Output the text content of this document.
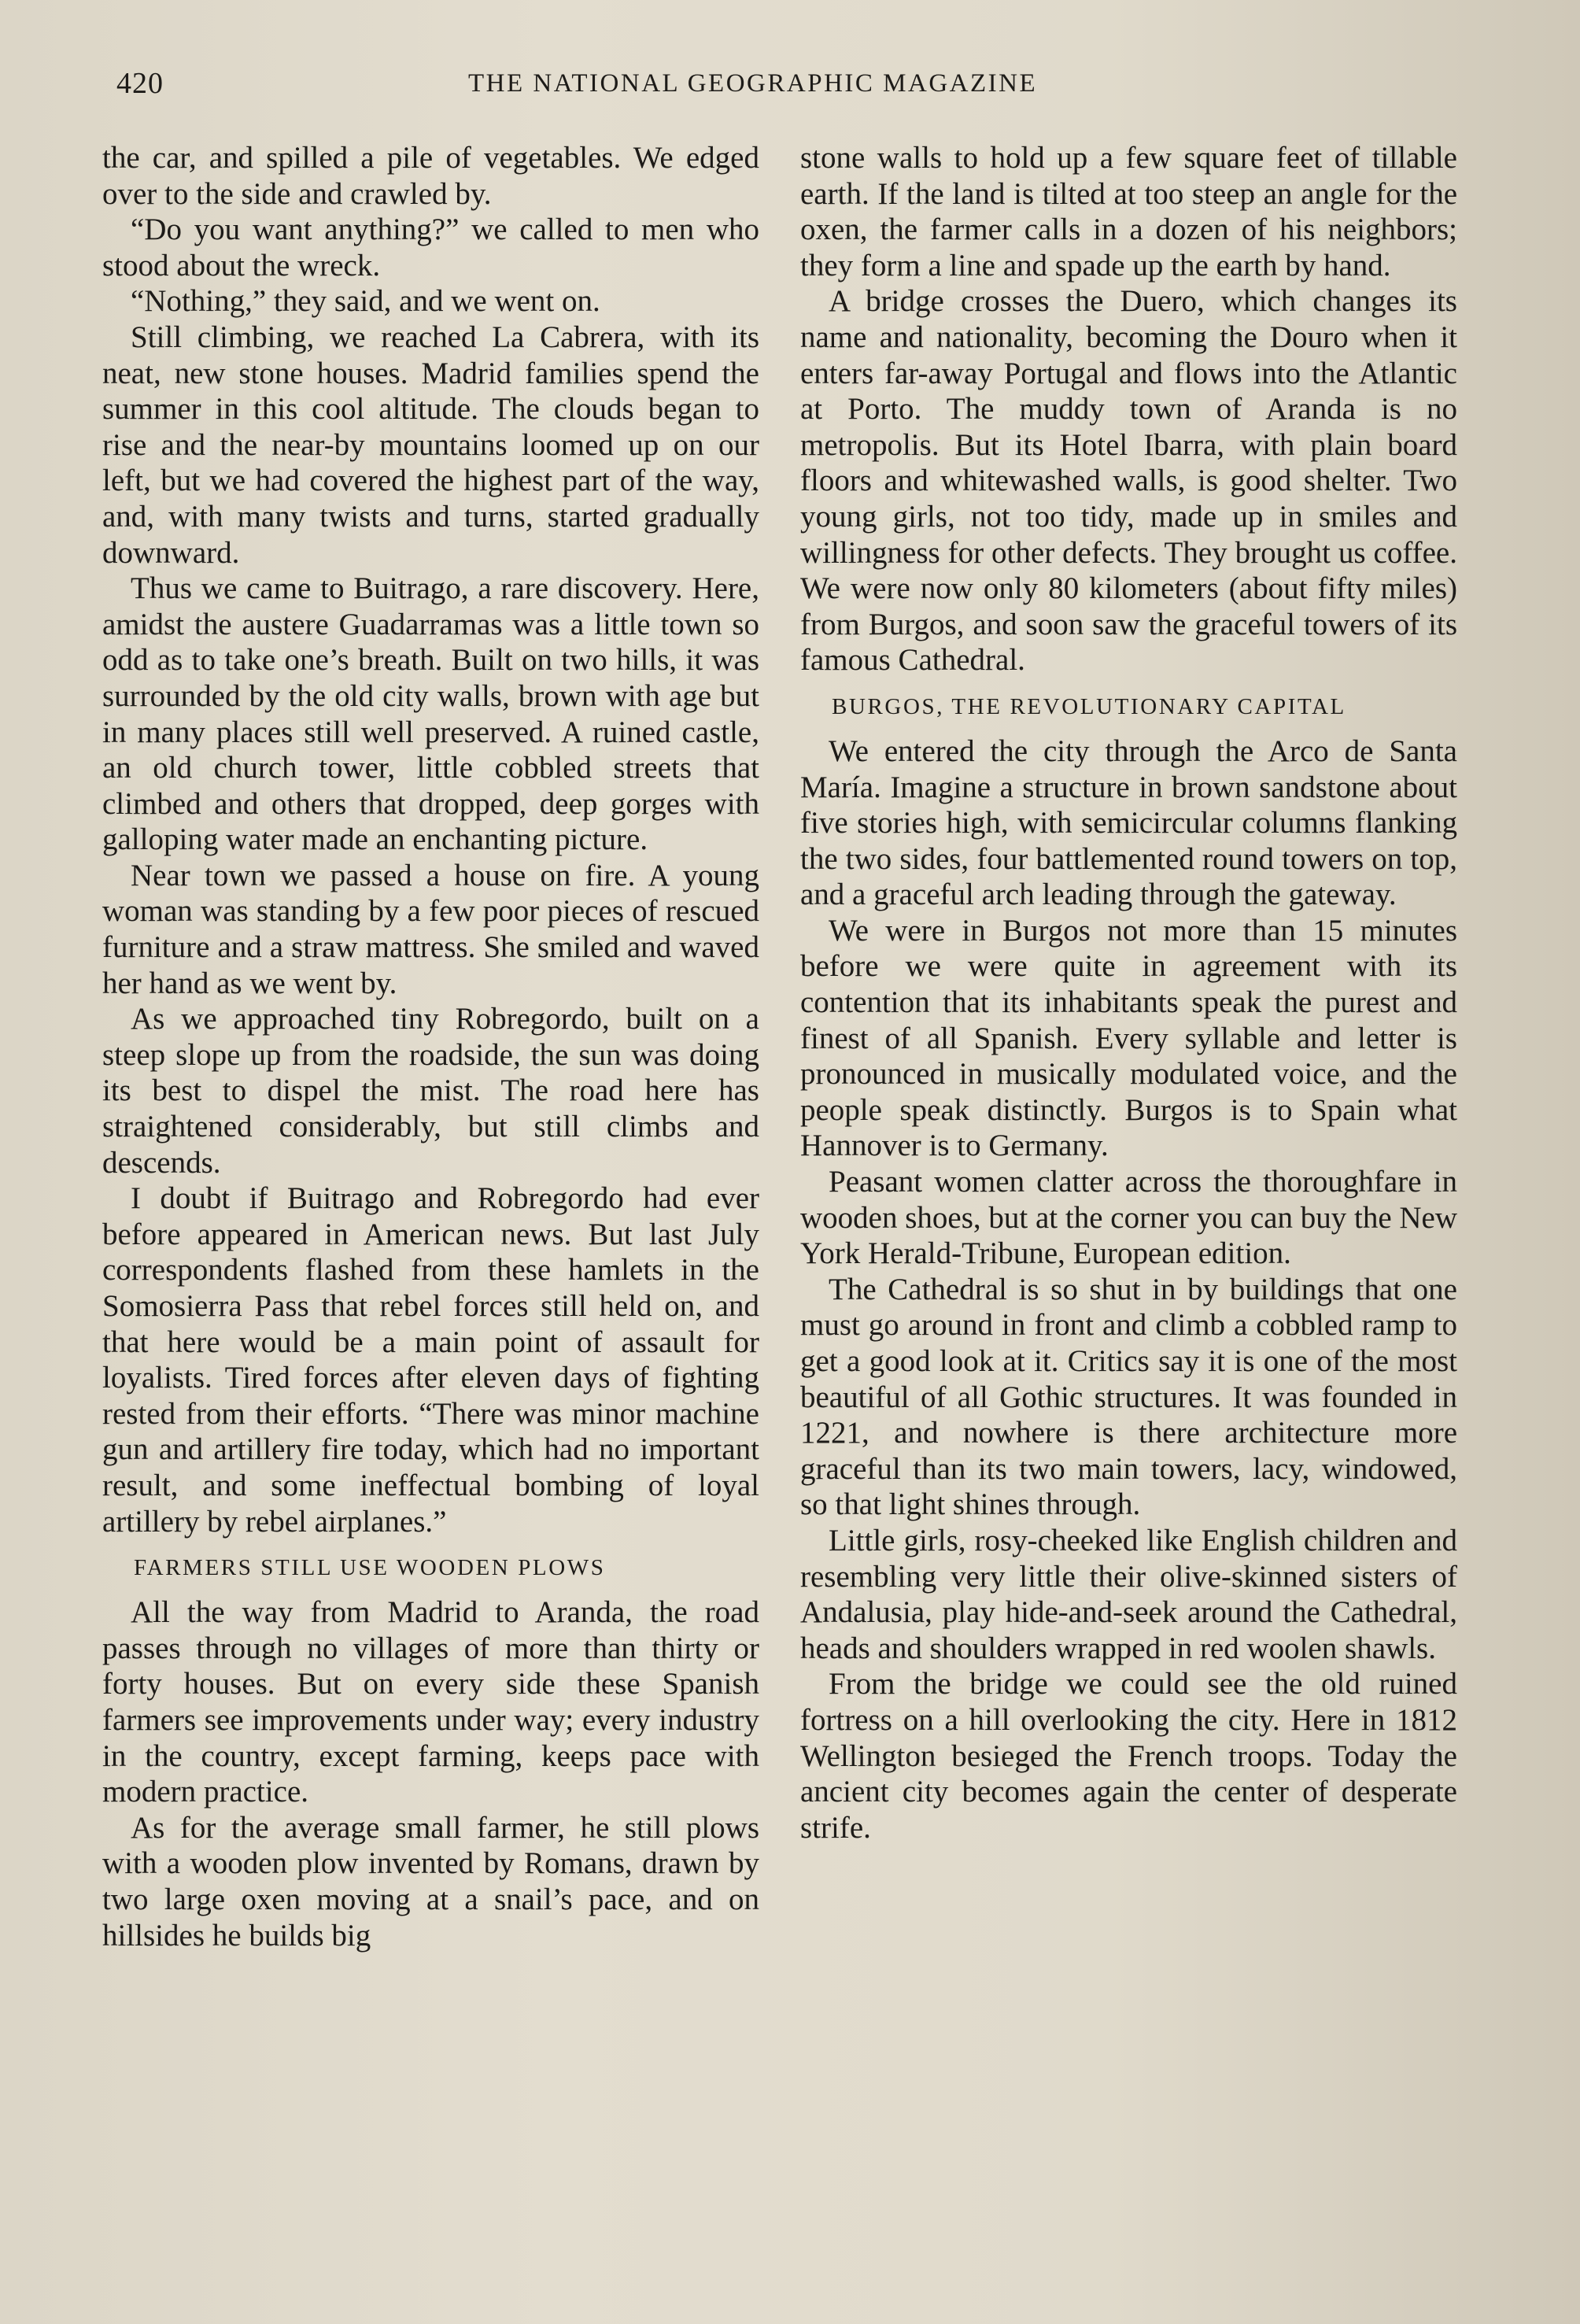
420	THE NATIONAL GEOGRAPHIC MAGAZINE

the car, and spilled a pile of vegetables. We edged over to the side and crawled by.

“Do you want anything?” we called to men who stood about the wreck.

“Nothing,” they said, and we went on.

Still climbing, we reached La Cabrera, with its neat, new stone houses. Madrid families spend the summer in this cool altitude. The clouds began to rise and the near-by mountains loomed up on our left, but we had covered the highest part of the way, and, with many twists and turns, started gradually downward.

Thus we came to Buitrago, a rare discovery. Here, amidst the austere Guadarramas was a little town so odd as to take one’s breath. Built on two hills, it was surrounded by the old city walls, brown with age but in many places still well preserved. A ruined castle, an old church tower, little cobbled streets that climbed and others that dropped, deep gorges with galloping water made an enchanting picture.

Near town we passed a house on fire. A young woman was standing by a few poor pieces of rescued furniture and a straw mattress. She smiled and waved her hand as we went by.

As we approached tiny Robregordo, built on a steep slope up from the roadside, the sun was doing its best to dispel the mist. The road here has straightened considerably, but still climbs and descends.

I doubt if Buitrago and Robregordo had ever before appeared in American news. But last July correspondents flashed from these hamlets in the Somosierra Pass that rebel forces still held on, and that here would be a main point of assault for loyalists. Tired forces after eleven days of fighting rested from their efforts. “There was minor machine gun and artillery fire today, which had no important result, and some ineffectual bombing of loyal artillery by rebel airplanes.”

FARMERS STILL USE WOODEN PLOWS

All the way from Madrid to Aranda, the road passes through no villages of more than thirty or forty houses. But on every side these Spanish farmers see improvements under way; every industry in the country, except farming, keeps pace with modern practice.

As for the average small farmer, he still plows with a wooden plow invented by Romans, drawn by two large oxen moving at a snail’s pace, and on hillsides he builds big

stone walls to hold up a few square feet of tillable earth. If the land is tilted at too steep an angle for the oxen, the farmer calls in a dozen of his neighbors; they form a line and spade up the earth by hand.

A bridge crosses the Duero, which changes its name and nationality, becoming the Douro when it enters far-away Portugal and flows into the Atlantic at Porto. The muddy town of Aranda is no metropolis. But its Hotel Ibarra, with plain board floors and whitewashed walls, is good shelter. Two young girls, not too tidy, made up in smiles and willingness for other defects. They brought us coffee. We were now only 80 kilometers (about fifty miles) from Burgos, and soon saw the graceful towers of its famous Cathedral.

BURGOS, THE REVOLUTIONARY CAPITAL

We entered the city through the Arco de Santa María. Imagine a structure in brown sandstone about five stories high, with semicircular columns flanking the two sides, four battlemented round towers on top, and a graceful arch leading through the gateway.

We were in Burgos not more than 15 minutes before we were quite in agreement with its contention that its inhabitants speak the purest and finest of all Spanish. Every syllable and letter is pronounced in musically modulated voice, and the people speak distinctly. Burgos is to Spain what Hannover is to Germany.

Peasant women clatter across the thoroughfare in wooden shoes, but at the corner you can buy the New York Herald-Tribune, European edition.

The Cathedral is so shut in by buildings that one must go around in front and climb a cobbled ramp to get a good look at it. Critics say it is one of the most beautiful of all Gothic structures. It was founded in 1221, and nowhere is there architecture more graceful than its two main towers, lacy, windowed, so that light shines through.

Little girls, rosy-cheeked like English children and resembling very little their olive-skinned sisters of Andalusia, play hide-and-seek around the Cathedral, heads and shoulders wrapped in red woolen shawls.

From the bridge we could see the old ruined fortress on a hill overlooking the city. Here in 1812 Wellington besieged the French troops. Today the ancient city becomes again the center of desperate strife.
